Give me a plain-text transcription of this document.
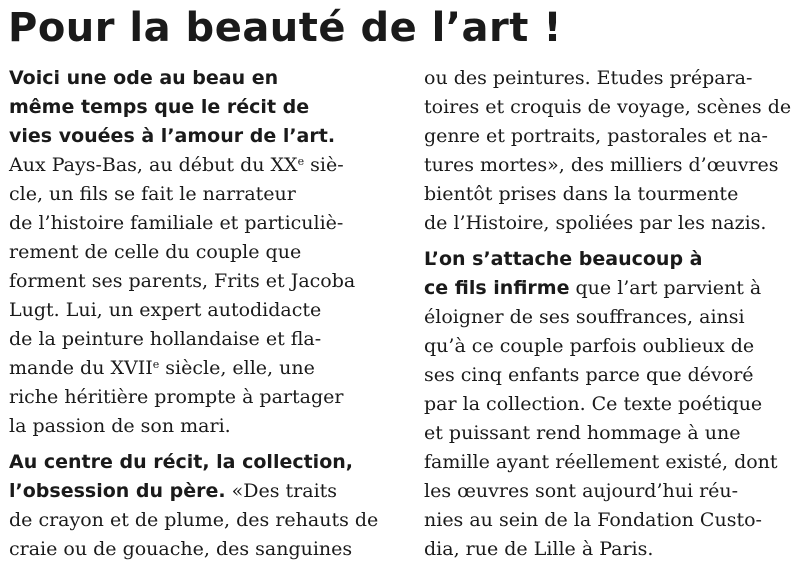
Pour la beauté de l’art !
Voici une ode au beau en
même temps que le récit de
vies vouées à l’amour de l’art.
Aux Pays-Bas, au début du XXe siè-
cle, un fils se fait le narrateur
de l’histoire familiale et particuliè-
rement de celle du couple que
forment ses parents, Frits et Jacoba
Lugt. Lui, un expert autodidacte
de la peinture hollandaise et fla-
mande du XVIIe siècle, elle, une
riche héritière prompte à partager
la passion de son mari.
Au centre du récit, la collection,
l’obsession du père. «Des traits
de crayon et de plume, des rehauts de
craie ou de gouache, des sanguines
ou des peintures. Etudes prépara-
toires et croquis de voyage, scènes de
genre et portraits, pastorales et na-
tures mortes», des milliers d’œuvres
bientôt prises dans la tourmente
de l’Histoire, spoliées par les nazis.
L’on s’attache beaucoup à
ce fils infirme que l’art parvient à
éloigner de ses souffrances, ainsi
qu’à ce couple parfois oublieux de
ses cinq enfants parce que dévoré
par la collection. Ce texte poétique
et puissant rend hommage à une
famille ayant réellement existé, dont
les œuvres sont aujourd’hui réu-
nies au sein de la Fondation Custo-
dia, rue de Lille à Paris.
